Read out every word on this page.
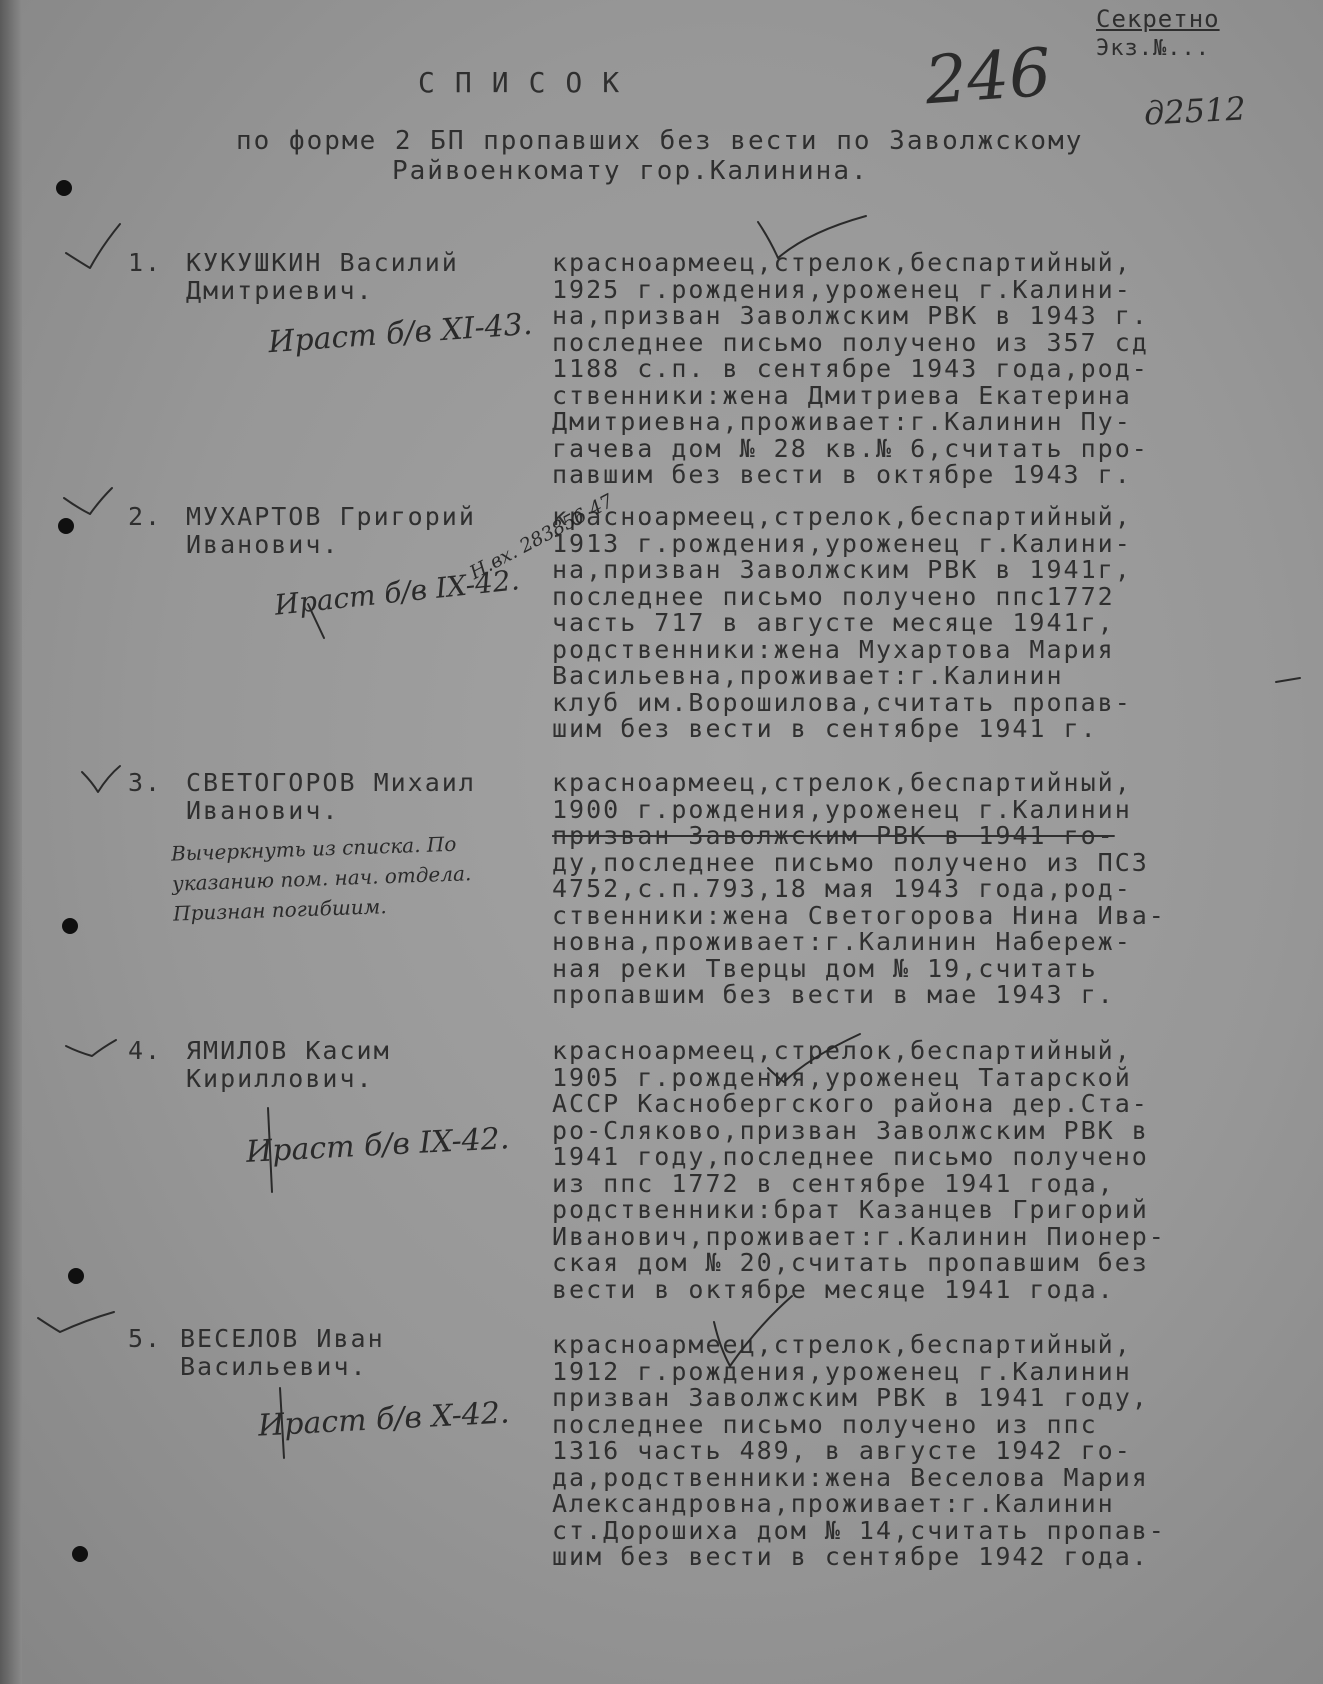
Секретно
Экз.№...
246	д2512
СПИСОК
по форме 2 БП пропавших без вести по Заволжскому
Райвоенкомату гор.Калинина.
1. КУКУШКИН Василий
Дмитриевич.
Ираст б/в XI-43.
красноармеец,стрелок,беспартийный,
1925 г.рождения,уроженец г.Калини-
на,призван Заволжским РВК в 1943 г.
последнее письмо получено из 357 сд
1188 с.п. в сентябре 1943 года,род-
ственники:жена Дмитриева Екатерина
Дмитриевна,проживает:г.Калинин Пу-
гачева дом № 28 кв.№ 6,считать про-
павшим без вести в октябре 1943 г.
2. МУХАРТОВ Григорий
Иванович.
Ираст б/в IX-42.
Н.вх. 283856 47
красноармеец,стрелок,беспартийный,
1913 г.рождения,уроженец г.Калини-
на,призван Заволжским РВК в 1941г,
последнее письмо получено ппс1772
часть 717 в августе месяце 1941г,
родственники:жена Мухартова Мария
Васильевна,проживает:г.Калинин
клуб им.Ворошилова,считать пропав-
шим без вести в сентябре 1941 г.
3. СВЕТОГОРОВ Михаил
Иванович.
Вычеркнуть из списка. По указанию пом. нач. отдела. Признан погибшим.
красноармеец,стрелок,беспартийный,
1900 г.рождения,уроженец г.Калинин
призван Заволжским РВК в 1941 го-
ду,последнее письмо получено из ПСЗ
4752,с.п.793,18 мая 1943 года,род-
ственники:жена Светогорова Нина Ива-
новна,проживает:г.Калинин Набереж-
ная реки Тверцы дом № 19,считать
пропавшим без вести в мае 1943 г.
4. ЯМИЛОВ Касим
Кириллович.
Ираст б/в IX-42.
красноармеец,стрелок,беспартийный,
1905 г.рождения,уроженец Татарской
АССР Каснобергского района дер.Ста-
ро-Сляково,призван Заволжским РВК в
1941 году,последнее письмо получено
из ппс 1772 в сентябре 1941 года,
родственники:брат Казанцев Григорий
Иванович,проживает:г.Калинин Пионер-
ская дом № 20,считать пропавшим без
вести в октябре месяце 1941 года.
5. ВЕСЕЛОВ Иван
Васильевич.
Ираст б/в X-42.
красноармеец,стрелок,беспартийный,
1912 г.рождения,уроженец г.Калинин
призван Заволжским РВК в 1941 году,
последнее письмо получено из ппс
1316 часть 489, в августе 1942 го-
да,родственники:жена Веселова Мария
Александровна,проживает:г.Калинин
ст.Дорошиха дом № 14,считать пропав-
шим без вести в сентябре 1942 года.
